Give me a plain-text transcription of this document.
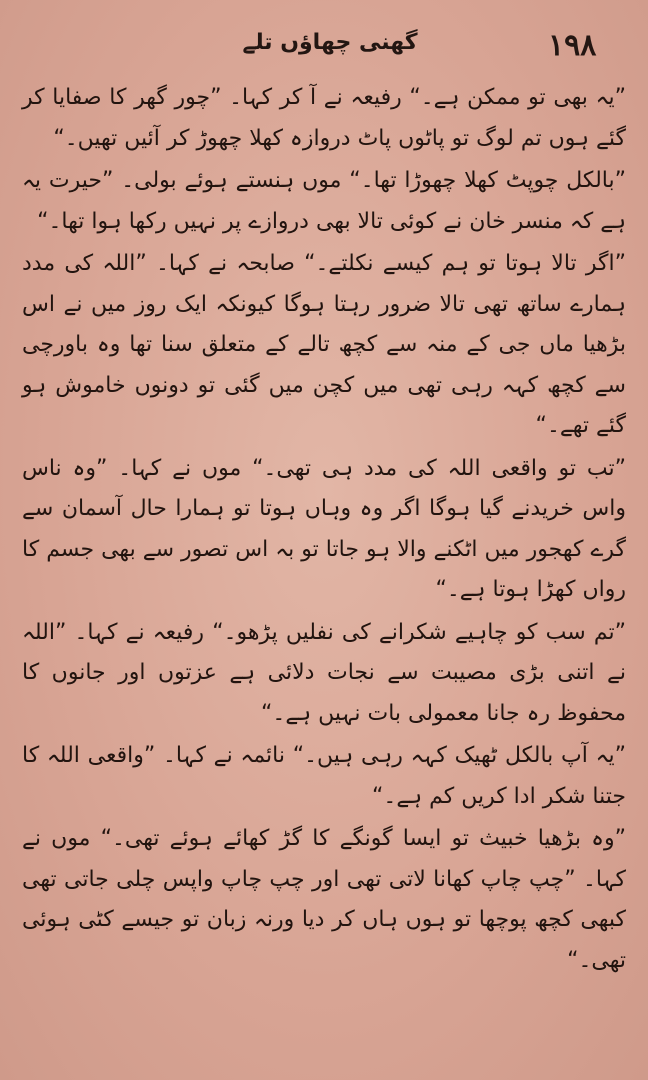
گھنی چھاؤں تلے	۱۹۸

”یہ بھی تو ممکن ہے۔“ رفیعہ نے آ کر کہا۔ ”چور گھر کا صفایا کر گئے ہوں تم لوگ تو پاٹوں پاٹ دروازہ کھلا چھوڑ کر آئیں تھیں۔“

”بالکل چوپٹ کھلا چھوڑا تھا۔“ موں ہنستے ہوئے بولی۔ ”حیرت یہ ہے کہ منسر خان نے کوئی تالا بھی دروازے پر نہیں رکھا ہوا تھا۔“

”اگر تالا ہوتا تو ہم کیسے نکلتے۔“ صابحہ نے کہا۔ ”اللہ کی مدد ہمارے ساتھ تھی تالا ضرور رہتا ہوگا کیونکہ ایک روز میں نے اس بڑھیا ماں جی کے منہ سے کچھ تالے کے متعلق سنا تھا وہ باورچی سے کچھ کہہ رہی تھی میں کچن میں گئی تو دونوں خاموش ہو گئے تھے۔“

”تب تو واقعی اللہ کی مدد ہی تھی۔“ موں نے کہا۔ ”وہ ناس واس خریدنے گیا ہوگا اگر وہ وہاں ہوتا تو ہمارا حال آسمان سے گرے کھجور میں اٹکنے والا ہو جاتا تو بہ اس تصور سے بھی جسم کا رواں کھڑا ہوتا ہے۔“

”تم سب کو چاہیے شکرانے کی نفلیں پڑھو۔“ رفیعہ نے کہا۔ ”اللہ نے اتنی بڑی مصیبت سے نجات دلائی ہے عزتوں اور جانوں کا محفوظ رہ جانا معمولی بات نہیں ہے۔“

”یہ آپ بالکل ٹھیک کہہ رہی ہیں۔“ نائمہ نے کہا۔ ”واقعی اللہ کا جتنا شکر ادا کریں کم ہے۔“

”وہ بڑھیا خبیث تو ایسا گونگے کا گڑ کھائے ہوئے تھی۔“ موں نے کہا۔ ”چپ چاپ کھانا لاتی تھی اور چپ چاپ واپس چلی جاتی تھی کبھی کچھ پوچھا تو ہوں ہاں کر دیا ورنہ زبان تو جیسے کٹی ہوئی تھی۔“
